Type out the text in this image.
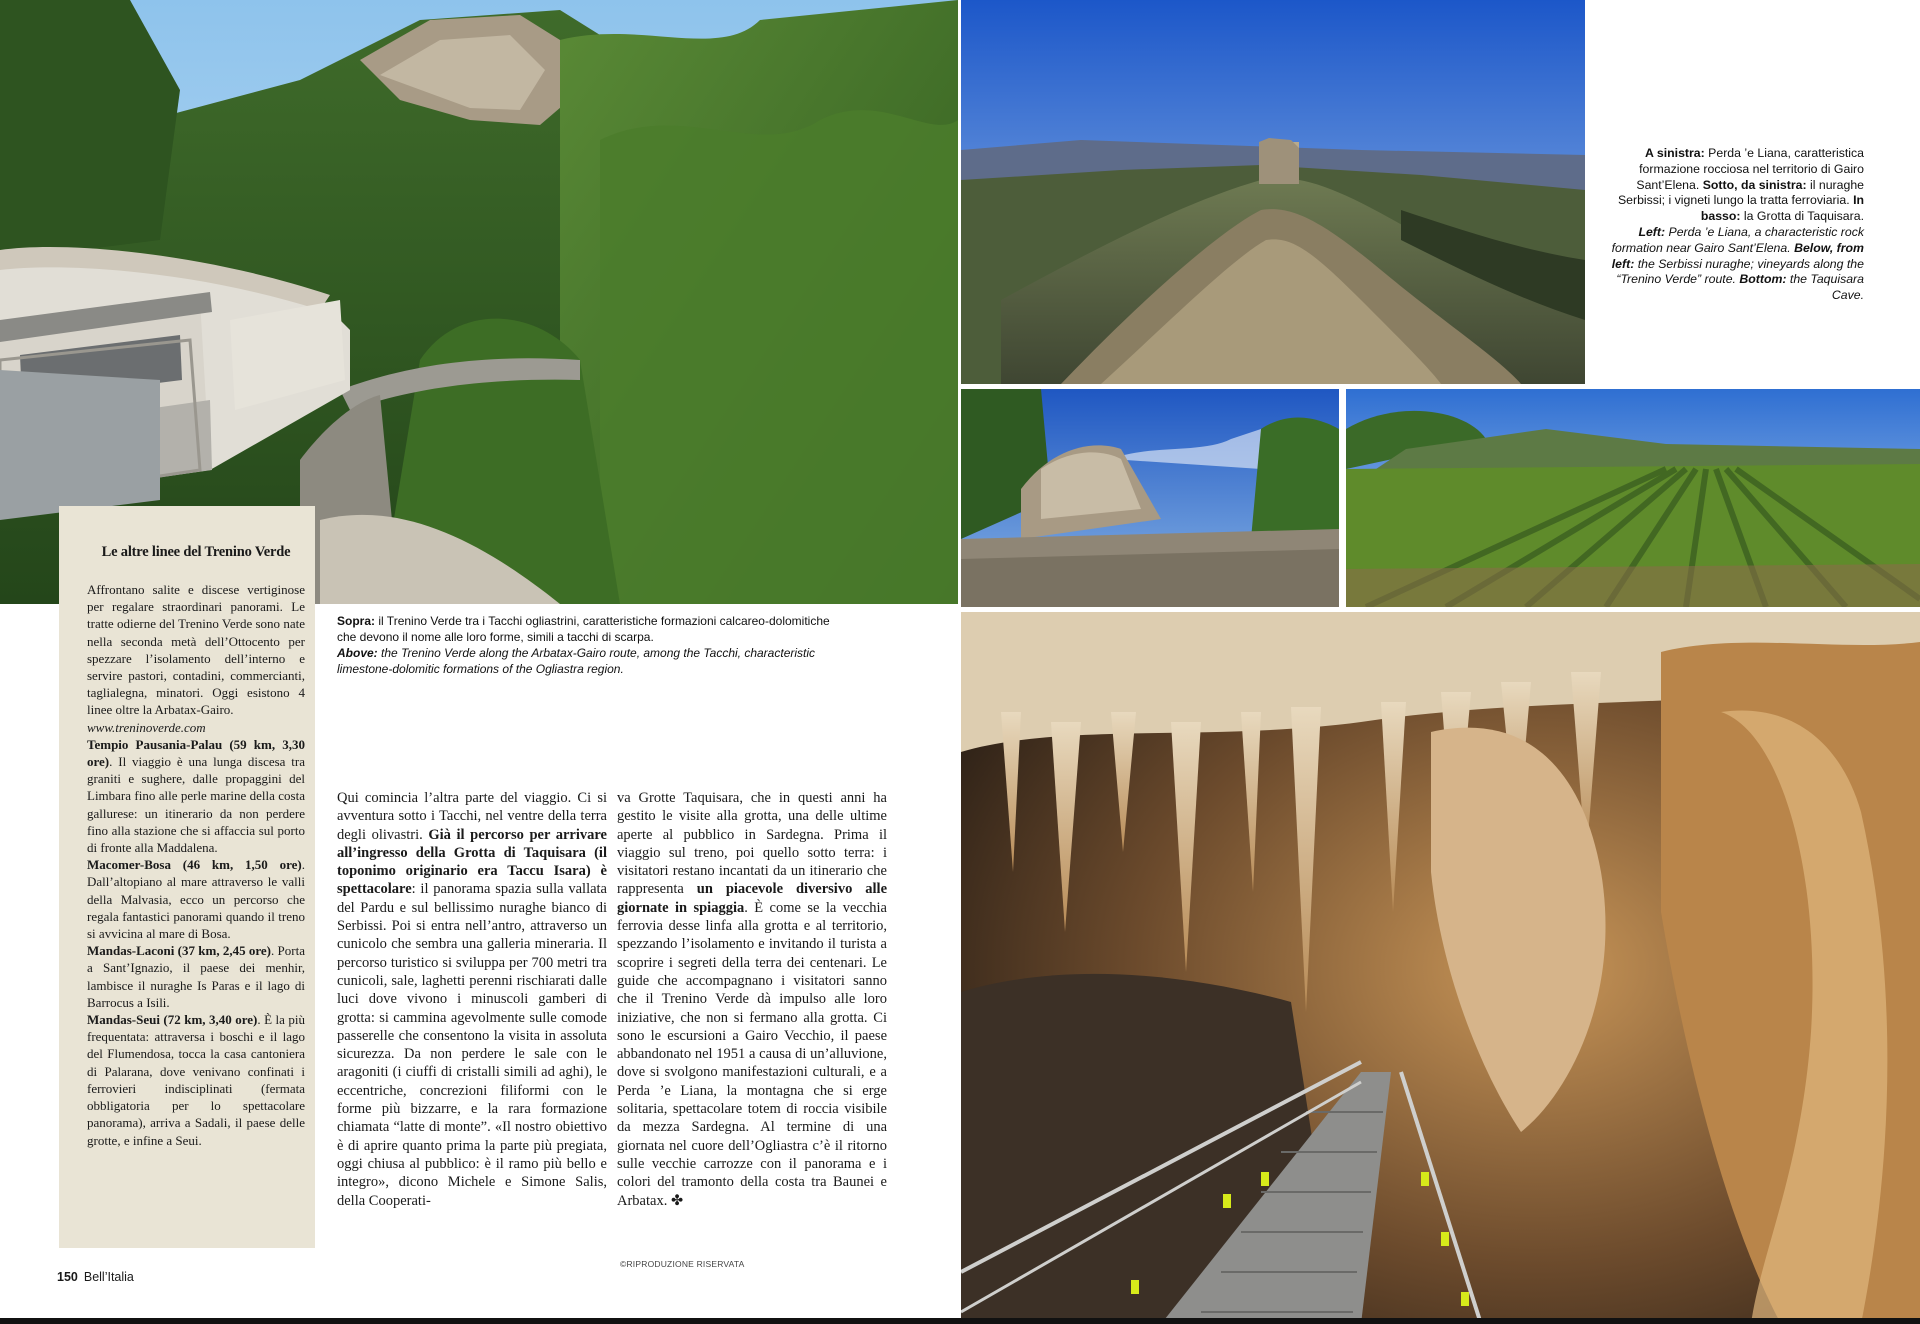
Le altre linee del Trenino Verde

Affrontano salite e discese vertiginose per regalare straordinari panorami. Le tratte odierne del Trenino Verde sono nate nella seconda metà dell’Ottocento per spezzare l’isolamento dell’interno e servire pastori, contadini, commercianti, taglialegna, minatori. Oggi esistono 4 linee oltre la Arbatax-Gairo.
www.treninoverde.com
Tempio Pausania-Palau (59 km, 3,30 ore). Il viaggio è una lunga discesa tra graniti e sughere, dalle propaggini del Limbara fino alle perle marine della costa gallurese: un itinerario da non perdere fino alla stazione che si affaccia sul porto di fronte alla Maddalena.
Macomer-Bosa (46 km, 1,50 ore). Dall’altopiano al mare attraverso le valli della Malvasia, ecco un percorso che regala fantastici panorami quando il treno si avvicina al mare di Bosa.
Mandas-Laconi (37 km, 2,45 ore). Porta a Sant’Ignazio, il paese dei menhir, lambisce il nuraghe Is Paras e il lago di Barrocus a Isili.
Mandas-Seui (72 km, 3,40 ore). È la più frequentata: attraversa i boschi e il lago del Flumendosa, tocca la casa cantoniera di Palarana, dove venivano confinati i ferrovieri indisciplinati (fermata obbligatoria per lo spettacolare panorama), arriva a Sadali, il paese delle grotte, e infine a Seui.

Sopra: il Trenino Verde tra i Tacchi ogliastrini, caratteristiche formazioni calcareo-dolomitiche che devono il nome alle loro forme, simili a tacchi di scarpa.
Above: the Trenino Verde along the Arbatax-Gairo route, among the Tacchi, characteristic limestone-dolomitic formations of the Ogliastra region.
A sinistra: Perda ’e Liana, caratteristica formazione rocciosa nel territorio di Gairo Sant’Elena. Sotto, da sinistra: il nuraghe Serbissi; i vigneti lungo la tratta ferroviaria. In basso: la Grotta di Taquisara.
Left: Perda ’e Liana, a characteristic rock formation near Gairo Sant’Elena. Below, from left: the Serbissi nuraghe; vineyards along the “Trenino Verde” route. Bottom: the Taquisara Cave.

Qui comincia l’altra parte del viaggio. Ci si avventura sotto i Tacchi, nel ventre della terra degli olivastri. Già il percorso per arrivare all’ingresso della Grotta di Taquisara (il toponimo originario era Taccu Isara) è spettacolare: il panorama spazia sulla vallata del Pardu e sul bellissimo nuraghe bianco di Serbissi. Poi si entra nell’antro, attraverso un cunicolo che sembra una galleria mineraria. Il percorso turistico si sviluppa per 700 metri tra cunicoli, sale, laghetti perenni rischiarati dalle luci dove vivono i minuscoli gamberi di grotta: si cammina agevolmente sulle comode passerelle che consentono la visita in assoluta sicurezza. Da non perdere le sale con le aragoniti (i ciuffi di cristalli simili ad aghi), le eccentriche, concrezioni filiformi con le forme più bizzarre, e la rara formazione chiamata “latte di monte”. «Il nostro obiettivo è di aprire quanto prima la parte più pregiata, oggi chiusa al pubblico: è il ramo più bello e integro», dicono Michele e Simone Salis, della Cooperati-

va Grotte Taquisara, che in questi anni ha gestito le visite alla grotta, una delle ultime aperte al pubblico in Sardegna. Prima il viaggio sul treno, poi quello sotto terra: i visitatori restano incantati da un itinerario che rappresenta un piacevole diversivo alle giornate in spiaggia. È come se la vecchia ferrovia desse linfa alla grotta e al territorio, spezzando l’isolamento e invitando il turista a scoprire i segreti della terra dei centenari. Le guide che accompagnano i visitatori sanno che il Trenino Verde dà impulso alle loro iniziative, che non si fermano alla grotta. Ci sono le escursioni a Gairo Vecchio, il paese abbandonato nel 1951 a causa di un’alluvione, dove si svolgono manifestazioni culturali, e a Perda ’e Liana, la montagna che si erge solitaria, spettacolare totem di roccia visibile da mezza Sardegna. Al termine di una giornata nel cuore dell’Ogliastra c’è il ritorno sulle vecchie carrozze con il panorama e i colori del tramonto della costa tra Baunei e Arbatax. ✤

©RIPRODUZIONE RISERVATA
150 Bell’Italia
